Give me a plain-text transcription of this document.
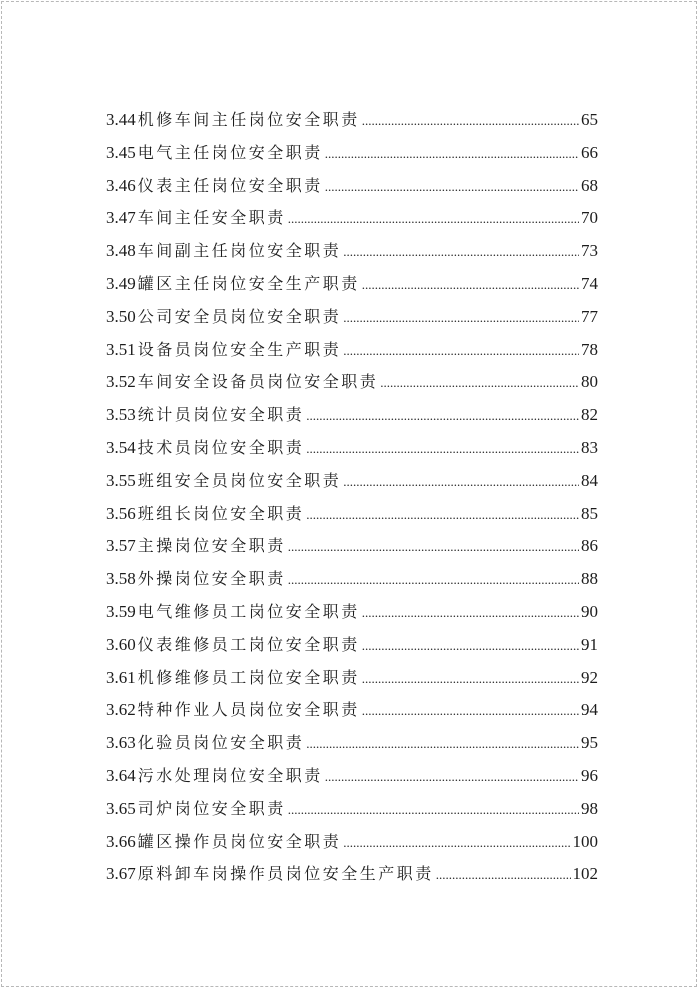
3.44 机修车间主任岗位安全职责 .....	65
3.45 电气主任岗位安全职责 .....	66
3.46 仪表主任岗位安全职责 .....	68
3.47 车间主任安全职责 .....	70
3.48 车间副主任岗位安全职责 .....	73
3.49 罐区主任岗位安全生产职责 .....	74
3.50 公司安全员岗位安全职责 .....	77
3.51 设备员岗位安全生产职责 .....	78
3.52 车间安全设备员岗位安全职责 .....	80
3.53 统计员岗位安全职责 .....	82
3.54 技术员岗位安全职责 .....	83
3.55 班组安全员岗位安全职责 .....	84
3.56 班组长岗位安全职责 .....	85
3.57 主操岗位安全职责 .....	86
3.58 外操岗位安全职责 .....	88
3.59 电气维修员工岗位安全职责 .....	90
3.60 仪表维修员工岗位安全职责 .....	91
3.61 机修维修员工岗位安全职责 .....	92
3.62 特种作业人员岗位安全职责 .....	94
3.63 化验员岗位安全职责 .....	95
3.64 污水处理岗位安全职责 .....	96
3.65 司炉岗位安全职责 .....	98
3.66 罐区操作员岗位安全职责 .....	100
3.67 原料卸车岗操作员岗位安全生产职责 .....	102
